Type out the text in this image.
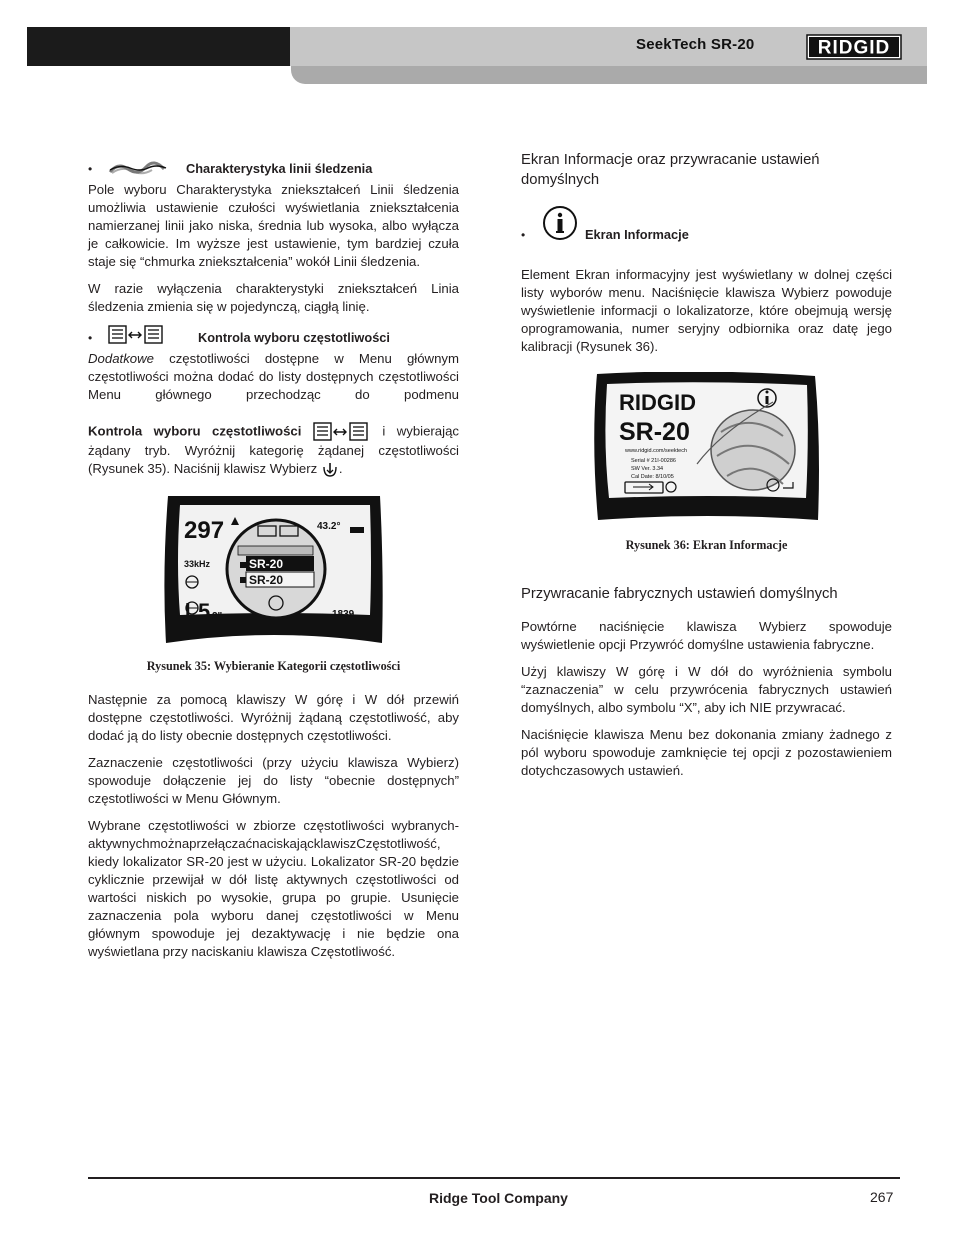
SeekTech SR-20	RIDGID
•	Charakterystyka linii śledzenia

Pole wyboru Charakterystyka zniekształceń Linii śledzenia umożliwia ustawienie czułości wyświetlania zniekształcenia namierzanej linii jako niska, średnia lub wysoka, albo wyłącza je całkowicie. Im wyższe jest ustawienie, tym bardziej czuła staje się “chmurka zniekształcenia” wokół Linii śledzenia.

W razie wyłączenia charakterystyki zniekształceń Linia śledzenia zmienia się w pojedynczą, ciągłą linię.

•	Kontrola wyboru częstotliwości

Dodatkowe częstotliwości dostępne w Menu głównym częstotliwości można dodać do listy dostępnych częstotliwości Menu głównego przechodząc do podmenu Kontrola wyboru częstotliwości	i wybierając żądany tryb. Wyróżnij kategorię żądanej częstotliwości (Rysunek 35). Naciśnij klawisz Wybierz .

297	43.2°
33kHz	SR-20
SR-20
I 5 2"	1839
Rysunek 35: Wybieranie Kategorii częstotliwości

Następnie za pomocą klawiszy W górę i W dół przewiń dostępne częstotliwości. Wyróżnij żądaną częstotliwość, aby dodać ją do listy obecnie dostępnych częstotliwości.

Zaznaczenie częstotliwości (przy użyciu klawisza Wybierz) spowoduje dołączenie jej do listy “obecnie dostępnych” częstotliwości w Menu Głównym.

Wybrane częstotliwości w zbiorze częstotliwości wybranych-aktywnychmożnaprzełączaćnaciskającklawiszCzęstotliwość, kiedy lokalizator SR-20 jest w użyciu. Lokalizator SR-20 będzie cyklicznie przewijał w dół listę aktywnych częstotliwości od wartości niskich po wysokie, grupa po grupie. Usunięcie zaznaczenia pola wyboru danej częstotliwości w Menu głównym spowoduje jej dezaktywację i nie będzie ona wyświetlana przy naciskaniu klawisza Częstotliwość.

Ekran Informacje oraz przywracanie ustawień domyślnych
•	Ekran Informacje

Element Ekran informacyjny jest wyświetlany w dolnej części listy wyborów menu. Naciśnięcie klawisza Wybierz powoduje wyświetlenie informacji o lokalizatorze, które obejmują wersję oprogramowania, numer seryjny odbiornika oraz datę jego kalibracji (Rysunek 36).

RIDGID
SR-20
www.ridgid.com/seektech
Serial # 21I-00286
SW Ver. 3.34
Cal Date: 8/10/05
Rysunek 36: Ekran Informacje
Przywracanie fabrycznych ustawień domyślnych

Powtórne naciśnięcie klawisza Wybierz spowoduje wyświetlenie opcji Przywróć domyślne ustawienia fabryczne.

Użyj klawiszy W górę i W dół do wyróżnienia symbolu “zaznaczenia” w celu przywrócenia fabrycznych ustawień domyślnych, albo symbolu “X”, aby ich NIE przywracać.

Naciśnięcie klawisza Menu bez dokonania zmiany żadnego z pól wyboru spowoduje zamknięcie tej opcji z pozostawieniem dotychczasowych ustawień.

Ridge Tool Company	267
